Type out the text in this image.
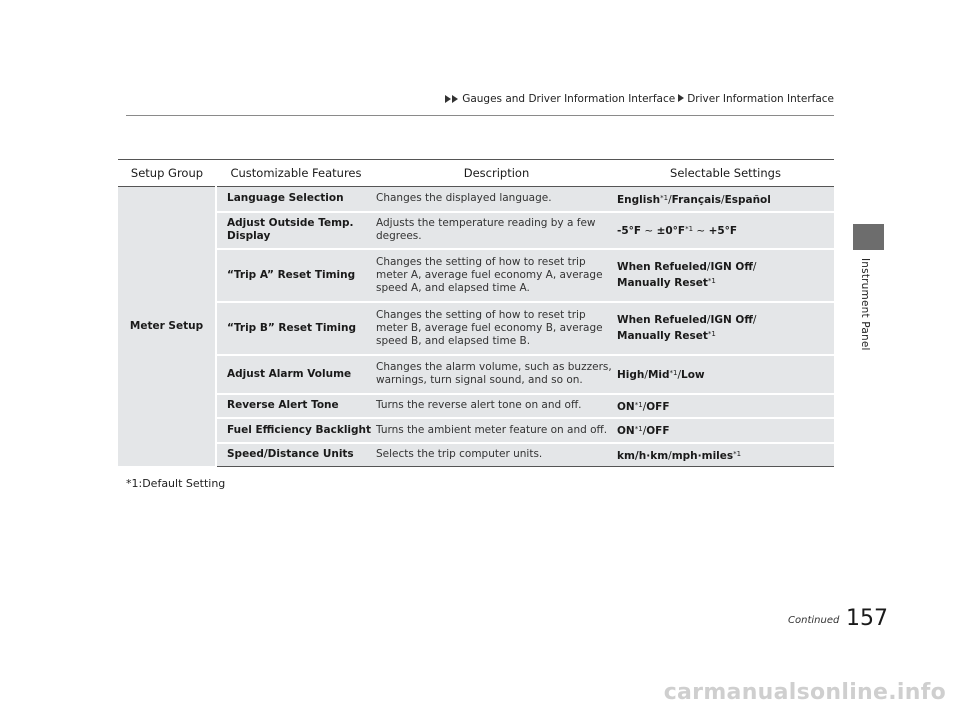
Gauges and Driver Information Interface Driver Information Interface
Instrument Panel
Setup Group	Customizable Features	Description	Selectable Settings
Meter Setup	Language Selection	Changes the displayed language.	English$^{*1}$/Français/Español
	Adjust Outside Temp. Display	Adjusts the temperature reading by a few degrees.	-5°F ~ $\pm 0^\circ F^{*1}$ ~ +5°F
	“Trip A” Reset Timing	Changes the setting of how to reset trip meter A, average fuel economy A, average speed A, and elapsed time A.	When Refueled/IGN Off/
Manually Reset$^{*1}$
	“Trip B” Reset Timing	Changes the setting of how to reset trip meter B, average fuel economy B, average speed B, and elapsed time B.	When Refueled/IGN Off/
Manually Reset$^{*1}$
	Adjust Alarm Volume	Changes the alarm volume, such as buzzers, warnings, turn signal sound, and so on.	High/Mid$^{*1}$/Low
	Reverse Alert Tone	Turns the reverse alert tone on and off.	ON$^{*1}$/OFF
	Fuel Efficiency Backlight	Turns the ambient meter feature on and off.	ON$^{*1}$/OFF
	Speed/Distance Units	Selects the trip computer units.	km/h·km/mph·miles$^{*1}$
*1:Default Setting
Continued 157
carmanualsonline.info
